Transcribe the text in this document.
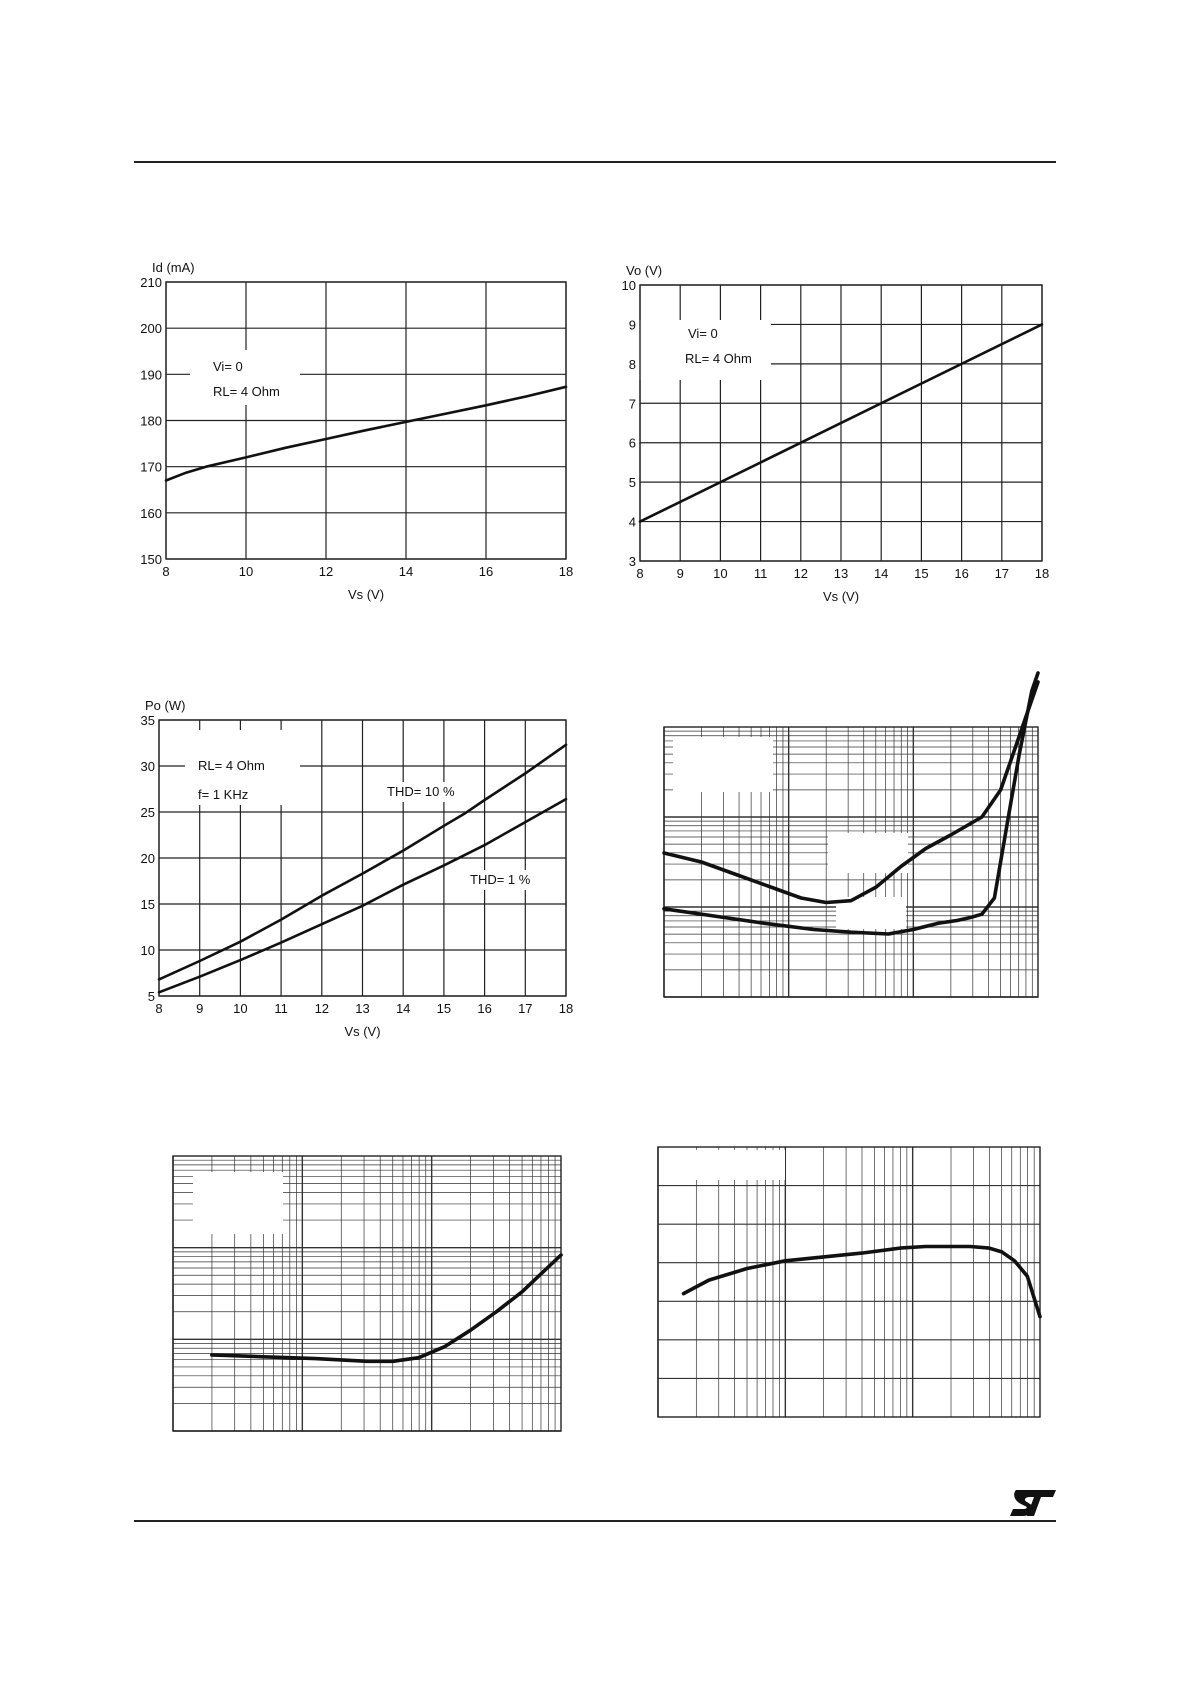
8	10	12	14	16	18
150
160
170
180
190
200
210
Id (mA)
Vs (V)
Vi= 0
RL= 4 Ohm
8	9 10 11 12 13 14 15 16 17 18
3
4
5
6
7
8
9
10
Vo (V)
Vs (V)
Vi= 0
RL= 4 Ohm
8	9 10 11 12 13 14 15 16 17 18
5
10
15
20
25
30
35
Po (W)
Vs (V)
RL= 4 Ohm
f= 1 KHz	THD= 10 %
THD= 1 %
